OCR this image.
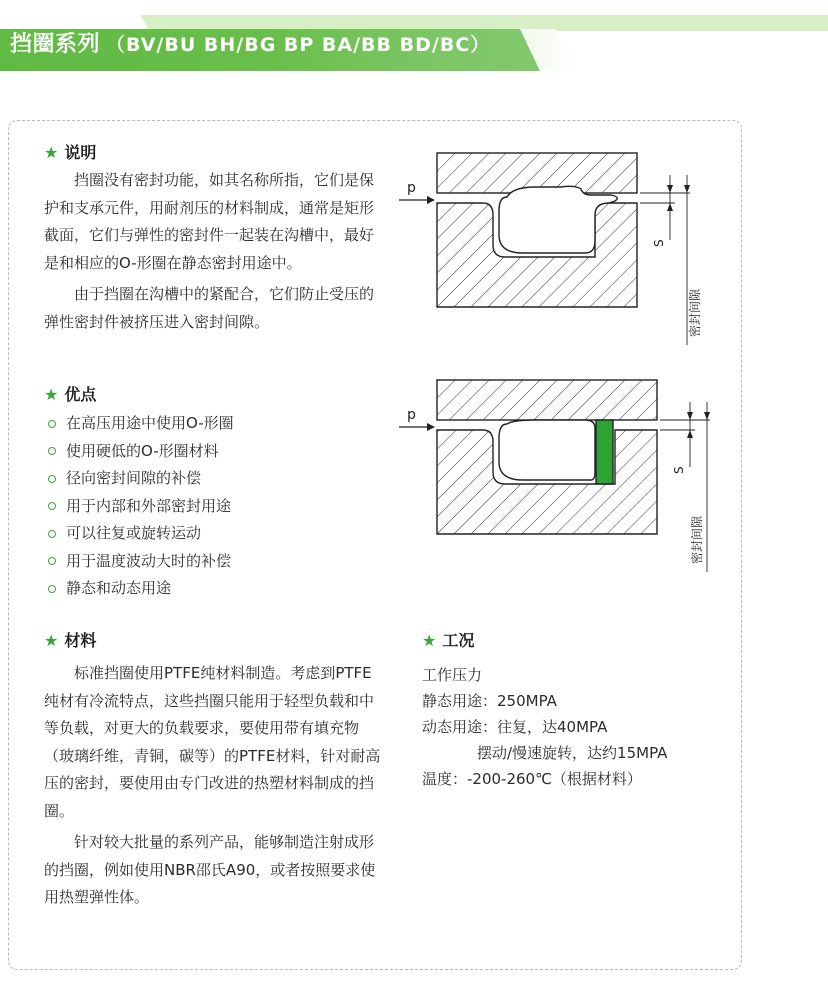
挡圈系列 （BV/BU BH/BG BP BA/BB BD/BC）
★ 说明

挡圈没有密封功能，如其名称所指，它们是保护和支承元件，用耐剂压的材料制成，通常是矩形截面，它们与弹性的密封件一起装在沟槽中，最好是和相应的O-形圈在静态密封用途中。

由于挡圈在沟槽中的紧配合，它们防止受压的弹性密封件被挤压进入密封间隙。

★ 优点
在高压用途中使用O-形圈
使用硬低的O-形圈材料
径向密封间隙的补偿
用于内部和外部密封用途
可以往复或旋转运动
用于温度波动大时的补偿
静态和动态用途
★ 材料

标准挡圈使用PTFE纯材料制造。考虑到PTFE纯材有冷流特点，这些挡圈只能用于轻型负载和中等负载，对更大的负载要求，要使用带有填充物（玻璃纤维，青铜，碳等）的PTFE材料，针对耐高压的密封，要使用由专门改进的热塑材料制成的挡圈。

针对较大批量的系列产品，能够制造注射成形的挡圈，例如使用NBR邵氏A90，或者按照要求使用热塑弹性体。

★ 工况
工作压力
静态用途：250MPA
动态用途：往复，达40MPA
摆动/慢速旋转，达约15MPA
温度：-200-260℃（根据材料）
p
S
密封间隙
p
S
密封间隙
